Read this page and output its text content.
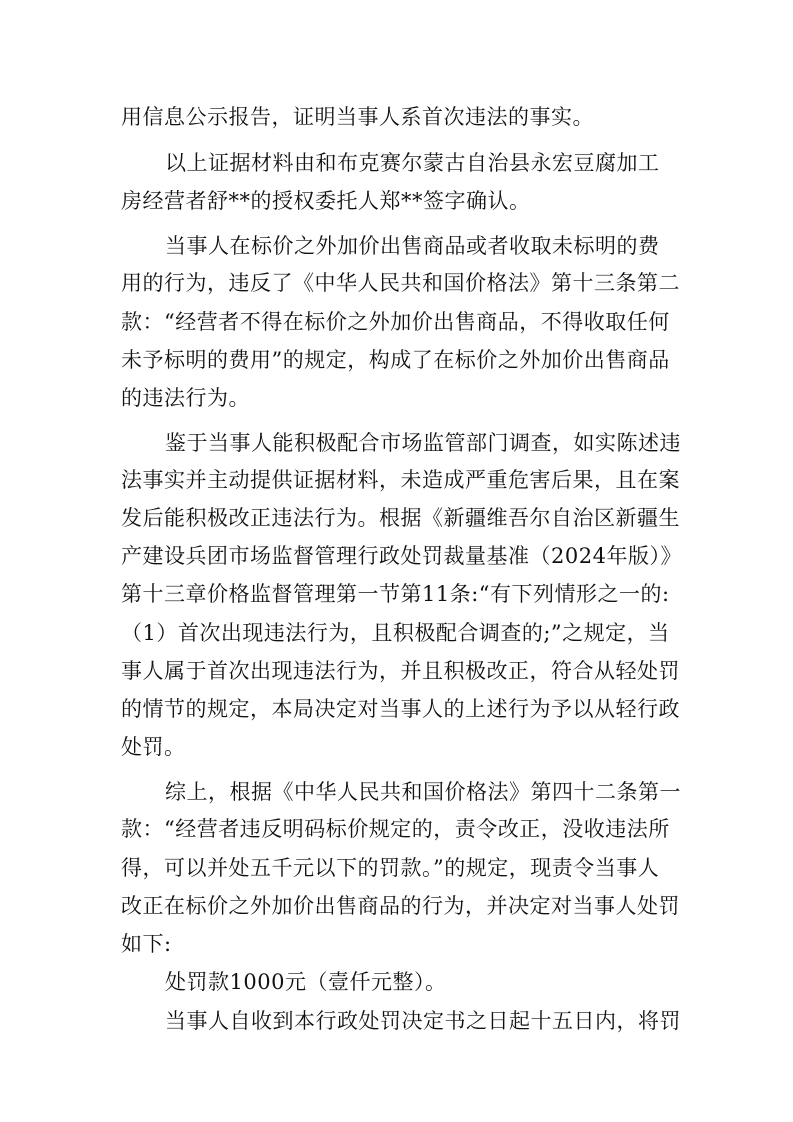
用信息公示报告，证明当事人系首次违法的事实。
以上证据材料由和布克赛尔蒙古自治县永宏豆腐加工
房经营者舒**的授权委托人郑**签字确认。
当事人在标价之外加价出售商品或者收取未标明的费
用的行为，违反了《中华人民共和国价格法》第十三条第二
款：“经营者不得在标价之外加价出售商品，不得收取任何
未予标明的费用”的规定，构成了在标价之外加价出售商品
的违法行为。
鉴于当事人能积极配合市场监管部门调查，如实陈述违
法事实并主动提供证据材料，未造成严重危害后果，且在案
发后能积极改正违法行为。根据《新疆维吾尔自治区新疆生
产建设兵团市场监督管理行政处罚裁量基准（2024年版）》
第十三章价格监督管理第一节第11条:“有下列情形之一的:
（1）首次出现违法行为，且积极配合调查的;”之规定，当
事人属于首次出现违法行为，并且积极改正，符合从轻处罚
的情节的规定，本局决定对当事人的上述行为予以从轻行政
处罚。
综上，根据《中华人民共和国价格法》第四十二条第一
款：“经营者违反明码标价规定的，责令改正，没收违法所
得，可以并处五千元以下的罚款。”的规定，现责令当事人
改正在标价之外加价出售商品的行为，并决定对当事人处罚
如下:
处罚款1000元（壹仟元整）。
当事人自收到本行政处罚决定书之日起十五日内，将罚
